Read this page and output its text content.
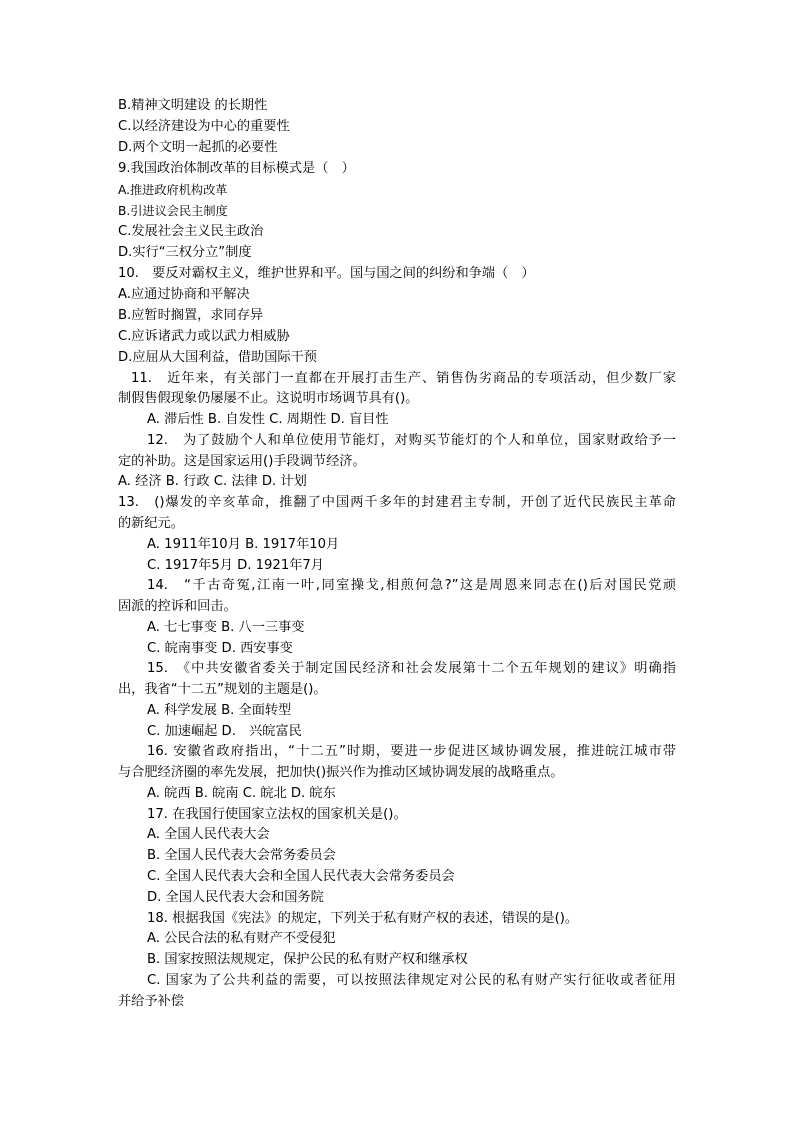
B.精神文明建设 的长期性
C.以经济建设为中心的重要性
D.两个文明一起抓的必要性
9.我国政治体制改革的目标模式是（　）
A.推进政府机构改革
B.引进议会民主制度
C.发展社会主义民主政治
D.实行“三权分立”制度
10.　要反对霸权主义，维护世界和平。国与国之间的纠纷和争端（　）
A.应通过协商和平解决
B.应暂时搁置，求同存异
C.应诉诸武力或以武力相威胁
D.应屈从大国利益，借助国际干预
11.　近年来，有关部门一直都在开展打击生产、销售伪劣商品的专项活动，但少数厂家
制假售假现象仍屡屡不止。这说明市场调节具有()。
A. 滞后性 B. 自发性 C. 周期性 D. 盲目性
12.　为了鼓励个人和单位使用节能灯，对购买节能灯的个人和单位，国家财政给予一
定的补助。这是国家运用()手段调节经济。
A. 经济 B. 行政 C. 法律 D. 计划
13.　()爆发的辛亥革命，推翻了中国两千多年的封建君主专制，开创了近代民族民主革命
的新纪元。
A. 1911年10月 B. 1917年10月
C. 1917年5月 D. 1921年7月
14.　“千古奇冤,江南一叶,同室操戈,相煎何急?”这是周恩来同志在()后对国民党顽
固派的控诉和回击。
A. 七七事变 B. 八一三事变
C. 皖南事变 D. 西安事变
15.　《中共安徽省委关于制定国民经济和社会发展第十二个五年规划的建议》明确指
出，我省“十二五”规划的主题是()。
A. 科学发展 B. 全面转型
C. 加速崛起 D.　兴皖富民
16. 安徽省政府指出，“十二五”时期，要进一步促进区域协调发展，推进皖江城市带
与合肥经济圈的率先发展，把加快()振兴作为推动区域协调发展的战略重点。
A. 皖西 B. 皖南 C. 皖北 D. 皖东
17. 在我国行使国家立法权的国家机关是()。
A. 全国人民代表大会
B. 全国人民代表大会常务委员会
C. 全国人民代表大会和全国人民代表大会常务委员会
D. 全国人民代表大会和国务院
18. 根据我国《宪法》的规定，下列关于私有财产权的表述，错误的是()。
A. 公民合法的私有财产不受侵犯
B. 国家按照法规规定，保护公民的私有财产权和继承权
C. 国家为了公共利益的需要，可以按照法律规定对公民的私有财产实行征收或者征用
并给予补偿
